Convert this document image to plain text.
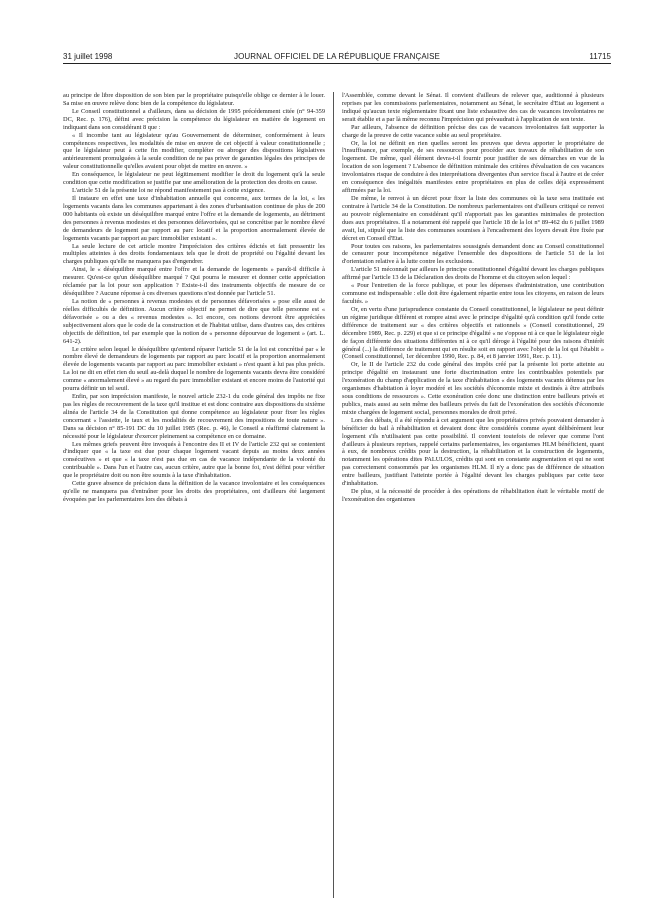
31 juillet 1998	JOURNAL OFFICIEL DE LA RÉPUBLIQUE FRANÇAISE	11715

au principe de libre disposition de son bien par le propriétaire puisqu'elle oblige ce dernier à le louer. Sa mise en œuvre relève donc bien de la compétence du législateur.

Le Conseil constitutionnel a d'ailleurs, dans sa décision de 1995 précédemment citée (n° 94-359 DC, Rec. p. 176), défini avec précision la compétence du législateur en matière de logement en indiquant dans son considérant 8 que :

« Il incombe tant au législateur qu'au Gouvernement de déterminer, conformément à leurs compétences respectives, les modalités de mise en œuvre de cet objectif à valeur constitutionnelle ; que le législateur peut à cette fin modifier, compléter ou abroger des dispositions législatives antérieurement promulguées à la seule condition de ne pas priver de garanties légales des principes de valeur constitutionnelle qu'elles avaient pour objet de mettre en œuvre. »

En conséquence, le législateur ne peut légitimement modifier le droit du logement qu'à la seule condition que cette modification se justifie par une amélioration de la protection des droits en cause.

L'article 51 de la présente loi ne répond manifestement pas à cette exigence.

Il instaure en effet une taxe d'inhabitation annuelle qui concerne, aux termes de la loi, « les logements vacants dans les communes appartenant à des zones d'urbanisation continue de plus de 200 000 habitants où existe un déséquilibre marqué entre l'offre et la demande de logements, au détriment des personnes à revenus modestes et des personnes défavorisées, qui se concrétise par le nombre élevé de demandeurs de logement par rapport au parc locatif et la proportion anormalement élevée de logements vacants par rapport au parc immobilier existant ».

La seule lecture de cet article montre l'imprécision des critères édictés et fait pressentir les multiples atteintes à des droits fondamentaux tels que le droit de propriété ou l'égalité devant les charges publiques qu'elle ne manquera pas d'engendrer.

Ainsi, le « déséquilibre marqué entre l'offre et la demande de logements » paraît-il difficile à mesurer. Qu'est-ce qu'un déséquilibre marqué ? Qui pourra le mesurer et donner cette appréciation réclamée par la loi pour son application ? Existe-t-il des instruments objectifs de mesure de ce déséquilibre ? Aucune réponse à ces diverses questions n'est donnée par l'article 51.

La notion de « personnes à revenus modestes et de personnes défavorisées » pose elle aussi de réelles difficultés de définition. Aucun critère objectif ne permet de dire que telle personne est « défavorisée » ou a des « revenus modestes ». Ici encore, ces notions devront être appréciées subjectivement alors que le code de la construction et de l'habitat utilise, dans d'autres cas, des critères objectifs de définition, tel par exemple que la notion de « personne dépourvue de logement » (art. L. 641-2).

Le critère selon lequel le déséquilibre qu'entend réparer l'article 51 de la loi est concrétisé par « le nombre élevé de demandeurs de logements par rapport au parc locatif et la proportion anormalement élevée de logements vacants par rapport au parc immobilier existant » n'est quant à lui pas plus précis. La loi ne dit en effet rien du seuil au-delà duquel le nombre de logements vacants devra être considéré comme « anormalement élevé » au regard du parc immobilier existant et encore moins de l'autorité qui pourra définir un tel seuil.

Enfin, par son imprécision manifeste, le nouvel article 232-1 du code général des impôts ne fixe pas les règles de recouvrement de la taxe qu'il institue et est donc contraire aux dispositions du sixième alinéa de l'article 34 de la Constitution qui donne compétence au législateur pour fixer les règles concernant « l'assiette, le taux et les modalités de recouvrement des impositions de toute nature ». Dans sa décision n° 85-191 DC du 10 juillet 1985 (Rec. p. 46), le Conseil a réaffirmé clairement la nécessité pour le législateur d'exercer pleinement sa compétence en ce domaine.

Les mêmes griefs peuvent être invoqués à l'encontre des II et IV de l'article 232 qui se contentent d'indiquer que « la taxe est due pour chaque logement vacant depuis au moins deux années consécutives » et que « la taxe n'est pas due en cas de vacance indépendante de la volonté du contribuable ». Dans l'un et l'autre cas, aucun critère, autre que la bonne foi, n'est défini pour vérifier que le propriétaire doit ou non être soumis à la taxe d'inhabitation.

Cette grave absence de précision dans la définition de la vacance involontaire et les conséquences qu'elle ne manquera pas d'entraîner pour les droits des propriétaires, ont d'ailleurs été largement évoquées par les parlementaires lors des débats à

l'Assemblée, comme devant le Sénat. Il convient d'ailleurs de relever que, auditionné à plusieurs reprises par les commissions parlementaires, notamment au Sénat, le secrétaire d'Etat au logement a indiqué qu'aucun texte réglementaire fixant une liste exhaustive des cas de vacances involontaires ne serait établie et a par là même reconnu l'imprécision qui prévaudrait à l'application de son texte.

Par ailleurs, l'absence de définition précise des cas de vacances involontaires fait supporter la charge de la preuve de cette vacance subie au seul propriétaire.

Or, la loi ne définit en rien quelles seront les preuves que devra apporter le propriétaire de l'insuffisance, par exemple, de ses ressources pour procéder aux travaux de réhabilitation de son logement. De même, quel élément devra-t-il fournir pour justifier de ses démarches en vue de la location de son logement ? L'absence de définition minimale des critères d'évaluation de ces vacances involontaires risque de conduire à des interprétations divergentes d'un service fiscal à l'autre et de créer en conséquence des inégalités manifestes entre propriétaires en plus de celles déjà expressément affirmées par la loi.

De même, le renvoi à un décret pour fixer la liste des communes où la taxe sera instituée est contraire à l'article 34 de la Constitution. De nombreux parlementaires ont d'ailleurs critiqué ce renvoi au pouvoir réglementaire en considérant qu'il n'apportait pas les garanties minimales de protection dues aux propriétaires. Il a notamment été rappelé que l'article 18 de la loi n° 89-462 du 6 juillet 1989 avait, lui, stipulé que la liste des communes soumises à l'encadrement des loyers devait être fixée par décret en Conseil d'Etat.

Pour toutes ces raisons, les parlementaires soussignés demandent donc au Conseil constitutionnel de censurer pour incompétence négative l'ensemble des dispositions de l'article 51 de la loi d'orientation relative à la lutte contre les exclusions.

L'article 51 méconnaît par ailleurs le principe constitutionnel d'égalité devant les charges publiques affirmé par l'article 13 de la Déclaration des droits de l'homme et du citoyen selon lequel :

« Pour l'entretien de la force publique, et pour les dépenses d'administration, une contribution commune est indispensable : elle doit être également répartie entre tous les citoyens, en raison de leurs facultés. »

Or, en vertu d'une jurisprudence constante du Conseil constitutionnel, le législateur ne peut définir un régime juridique différent et rompre ainsi avec le principe d'égalité qu'à condition qu'il fonde cette différence de traitement sur « des critères objectifs et rationnels » (Conseil constitutionnel, 29 décembre 1989, Rec. p. 229) et que si ce principe d'égalité « ne s'oppose ni à ce que le législateur règle de façon différente des situations différentes ni à ce qu'il déroge à l'égalité pour des raisons d'intérêt général (...) la différence de traitement qui en résulte soit en rapport avec l'objet de la loi qui l'établit » (Conseil constitutionnel, 1er décembre 1990, Rec. p. 84, et 8 janvier 1991, Rec. p. 11).

Or, le II de l'article 232 du code général des impôts créé par la présente loi porte atteinte au principe d'égalité en instaurant une forte discrimination entre les contribuables potentiels par l'exonération du champ d'application de la taxe d'inhabitation « des logements vacants détenus par les organismes d'habitation à loyer modéré et les sociétés d'économie mixte et destinés à être attribués sous conditions de ressources ». Cette exonération crée donc une distinction entre bailleurs privés et publics, mais aussi au sein même des bailleurs privés du fait de l'exonération des sociétés d'économie mixte chargées de logement social, personnes morales de droit privé.

Lors des débats, il a été répondu à cet argument que les propriétaires privés pouvaient demander à bénéficier du bail à réhabilitation et devaient donc être considérés comme ayant délibérément leur logement s'ils n'utilisaient pas cette possibilité. Il convient toutefois de relever que comme l'ont d'ailleurs à plusieurs reprises, rappelé certains parlementaires, les organismes HLM bénéficient, quant à eux, de nombreux crédits pour la destruction, la réhabilitation et la construction de logements, notamment les opérations dites PALULOS, crédits qui sont en constante augmentation et qui ne sont pas correctement consommés par les organismes HLM. Il n'y a donc pas de différence de situation entre bailleurs, justifiant l'atteinte portée à l'égalité devant les charges publiques par cette taxe d'inhabitation.

De plus, si la nécessité de procéder à des opérations de réhabilitation était le véritable motif de l'exonération des organismes
